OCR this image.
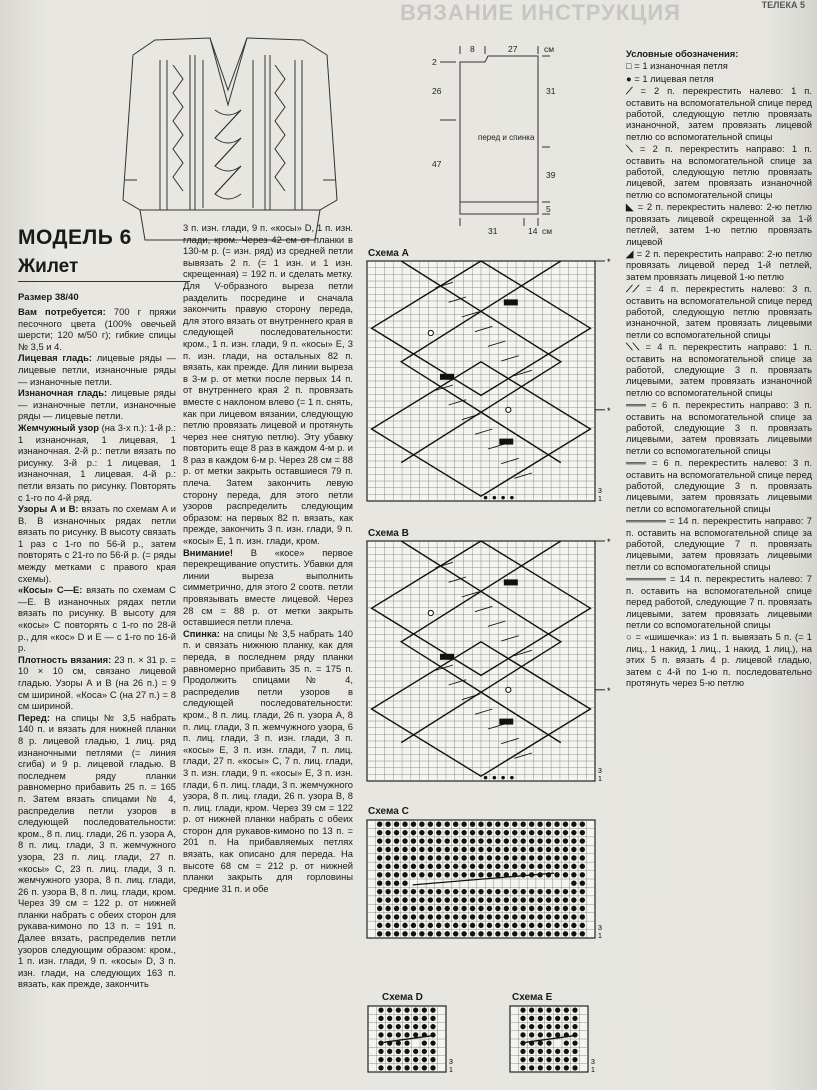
ВЯЗАНИЕ ИНСТРУКЦИЯ	ТЕЛЕКА 5
8	27	см
31
39
5
2
26
47
31	14 см
перед и спинка
МОДЕЛЬ 6
Жилет
Размер 38/40

Вам потребуется: 700 г пряжи песочного цвета (100% овечьей шерсти; 120 м/50 г); гибкие спицы № 3,5 и 4.

Лицевая гладь: лицевые ряды — лицевые петли, изнаночные ряды — изнаночные петли.

Изнаночная гладь: лицевые ряды — изнаночные петли, изнаночные ряды — лицевые петли.

Жемчужный узор (на 3-х п.): 1-й р.: 1 изнаночная, 1 лицевая, 1 изнаночная. 2-й р.: петли вязать по рисунку. 3-й р.: 1 лицевая, 1 изнаночная, 1 лицевая. 4-й р.: петли вязать по рисунку. Повторять с 1-го по 4-й ряд.

Узоры А и В: вязать по схемам А и В. В изнаночных рядах петли вязать по рисунку. В высоту связать 1 раз с 1-го по 56-й р., затем повторять с 21-го по 56-й р. (= ряды между метками с правого края схемы).

«Косы» С—Е: вязать по схемам С—Е. В изнаночных рядах петли вязать по рисунку. В высоту для «косы» С повторять с 1-го по 28-й р., для «кос» D и Е — с 1-го по 16-й р.

Плотность вязания: 23 п. × 31 р. = 10 × 10 см, связано лицевой гладью. Узоры А и В (на 26 п.) = 9 см шириной. «Коса» С (на 27 п.) = 8 см шириной.

Перед: на спицы № 3,5 набрать 140 п. и вязать для нижней планки 8 р. лицевой гладью, 1 лиц. ряд изнаночными петлями (= линия сгиба) и 9 р. лицевой гладью. В последнем ряду планки равномерно прибавить 25 п. = 165 п. Затем вязать спицами № 4, распределив петли узоров в следующей последовательности: кром., 8 п. лиц. глади, 26 п. узора А, 8 п. лиц. глади, 3 п. жемчужного узора, 23 п. лиц. глади, 27 п. «косы» С, 23 п. лиц. глади, 3 п. жемчужного узора, 8 п. лиц. глади, 26 п. узора В, 8 п. лиц. глади, кром. Через 39 см = 122 р. от нижней планки набрать с обеих сторон для рукава-кимоно по 13 п. = 191 п. Далее вязать, распределив петли узоров следующим образом: кром., 1 п. изн. глади, 9 п. «косы» D, 3 п. изн. глади, на следующих 163 п. вязать, как прежде, закончить

3 п. изн. глади, 9 п. «косы» D, 1 п. изн. глади, кром. Через 42 см от планки в 130-м р. (= изн. ряд) из средней петли вывязать 2 п. (= 1 изн. и 1 изн. скрещенная) = 192 п. и сделать метку. Для V-образного выреза петли разделить посредине и сначала закончить правую сторону переда, для этого вязать от внутреннего края в следующей последовательности: кром., 1 п. изн. глади, 9 п. «косы» Е, 3 п. изн. глади, на остальных 82 п. вязать, как прежде. Для линии выреза в 3-м р. от метки после первых 14 п. от внутреннего края 2 п. провязать вместе с наклоном влево (= 1 п. снять, как при лицевом вязании, следующую петлю провязать лицевой и протянуть через нее снятую петлю). Эту убавку повторить еще 8 раз в каждом 4-м р. и 8 раз в каждом 6-м р. Через 28 см = 88 р. от метки закрыть оставшиеся 79 п. плеча. Затем закончить левую сторону переда, для этого петли узоров распределить следующим образом: на первых 82 п. вязать, как прежде, закончить 3 п. изн. глади, 9 п. «косы» Е, 1 п. изн. глади, кром.

Внимание! В «косе» первое перекрещивание опустить. Убавки для линии выреза выполнить симметрично, для этого 2 соотв. петли провязывать вместе лицевой. Через 28 см = 88 р. от метки закрыть оставшиеся петли плеча.

Спинка: на спицы № 3,5 набрать 140 п. и связать нижнюю планку, как для переда, в последнем ряду планки равномерно прибавить 35 п. = 175 п. Продолжить спицами № 4, распределив петли узоров в следующей последовательности: кром., 8 п. лиц. глади, 26 п. узора А, 8 п. лиц. глади, 3 п. жемчужного узора, 6 п. лиц. глади, 3 п. изн. глади, 3 п. «косы» Е, 3 п. изн. глади, 7 п. лиц. глади, 27 п. «косы» С, 7 п. лиц. глади, 3 п. изн. глади, 9 п. «косы» Е, 3 п. изн. глади, 6 п. лиц. глади, 3 п. жемчужного узора, 8 п. лиц. глади, 26 п. узора В, 8 п. лиц. глади, кром. Через 39 см = 122 р. от нижней планки набрать с обеих сторон для рукавов-кимоно по 13 п. = 201 п. На прибавляемых петлях вязать, как описано для переда. На высоте 68 см = 212 р. от нижней планки закрыть для горловины средние 31 п. и обе

Схема А
*
*
3
1
Схема В
*
*
3
1
Схема С
3
1
Схема D
3
1
Схема Е
3
1
Условные обозначения:
□ = 1 изнаночная петля
● = 1 лицевая петля
⟋ = 2 п. перекрестить налево: 1 п. оставить на вспомогательной спице перед работой, следующую петлю провязать изнаночной, затем провязать лицевой петлю со вспомогательной спицы
⟍ = 2 п. перекрестить направо: 1 п. оставить на вспомогательной спице за работой, следующую петлю провязать лицевой, затем провязать изнаночной петлю со вспомогательной спицы
◣ = 2 п. перекрестить налево: 2-ю петлю провязать лицевой скрещенной за 1-й петлей, затем 1-ю петлю провязать лицевой
◢ = 2 п. перекрестить направо: 2-ю петлю провязать лицевой перед 1-й петлей, затем провязать лицевой 1-ю петлю
⟋⟋ = 4 п. перекрестить налево: 3 п. оставить на вспомогательной спице перед работой, следующую петлю провязать изнаночной, затем провязать лицевыми петли со вспомогательной спицы
⟍⟍ = 4 п. перекрестить направо: 1 п. оставить на вспомогательной спице за работой, следующие 3 п. провязать лицевыми, затем провязать изнаночной петлю со вспомогательной спицы
═══ = 6 п. перекрестить направо: 3 п. оставить на вспомогательной спице за работой, следующие 3 п. провязать лицевыми, затем провязать лицевыми петли со вспомогательной спицы
═══ = 6 п. перекрестить налево: 3 п. оставить на вспомогательной спице перед работой, следующие 3 п. провязать лицевыми, затем провязать лицевыми петли со вспомогательной спицы
══════ = 14 п. перекрестить направо: 7 п. оставить на вспомогательной спице за работой, следующие 7 п. провязать лицевыми, затем провязать лицевыми петли со вспомогательной спицы
══════ = 14 п. перекрестить налево: 7 п. оставить на вспомогательной спице перед работой, следующие 7 п. провязать лицевыми, затем провязать лицевыми петли со вспомогательной спицы
○ = «шишечка»: из 1 п. вывязать 5 п. (= 1 лиц., 1 накид, 1 лиц., 1 накид, 1 лиц.), на этих 5 п. вязать 4 р. лицевой гладью, затем с 4-й по 1-ю п. последовательно протянуть через 5-ю петлю
